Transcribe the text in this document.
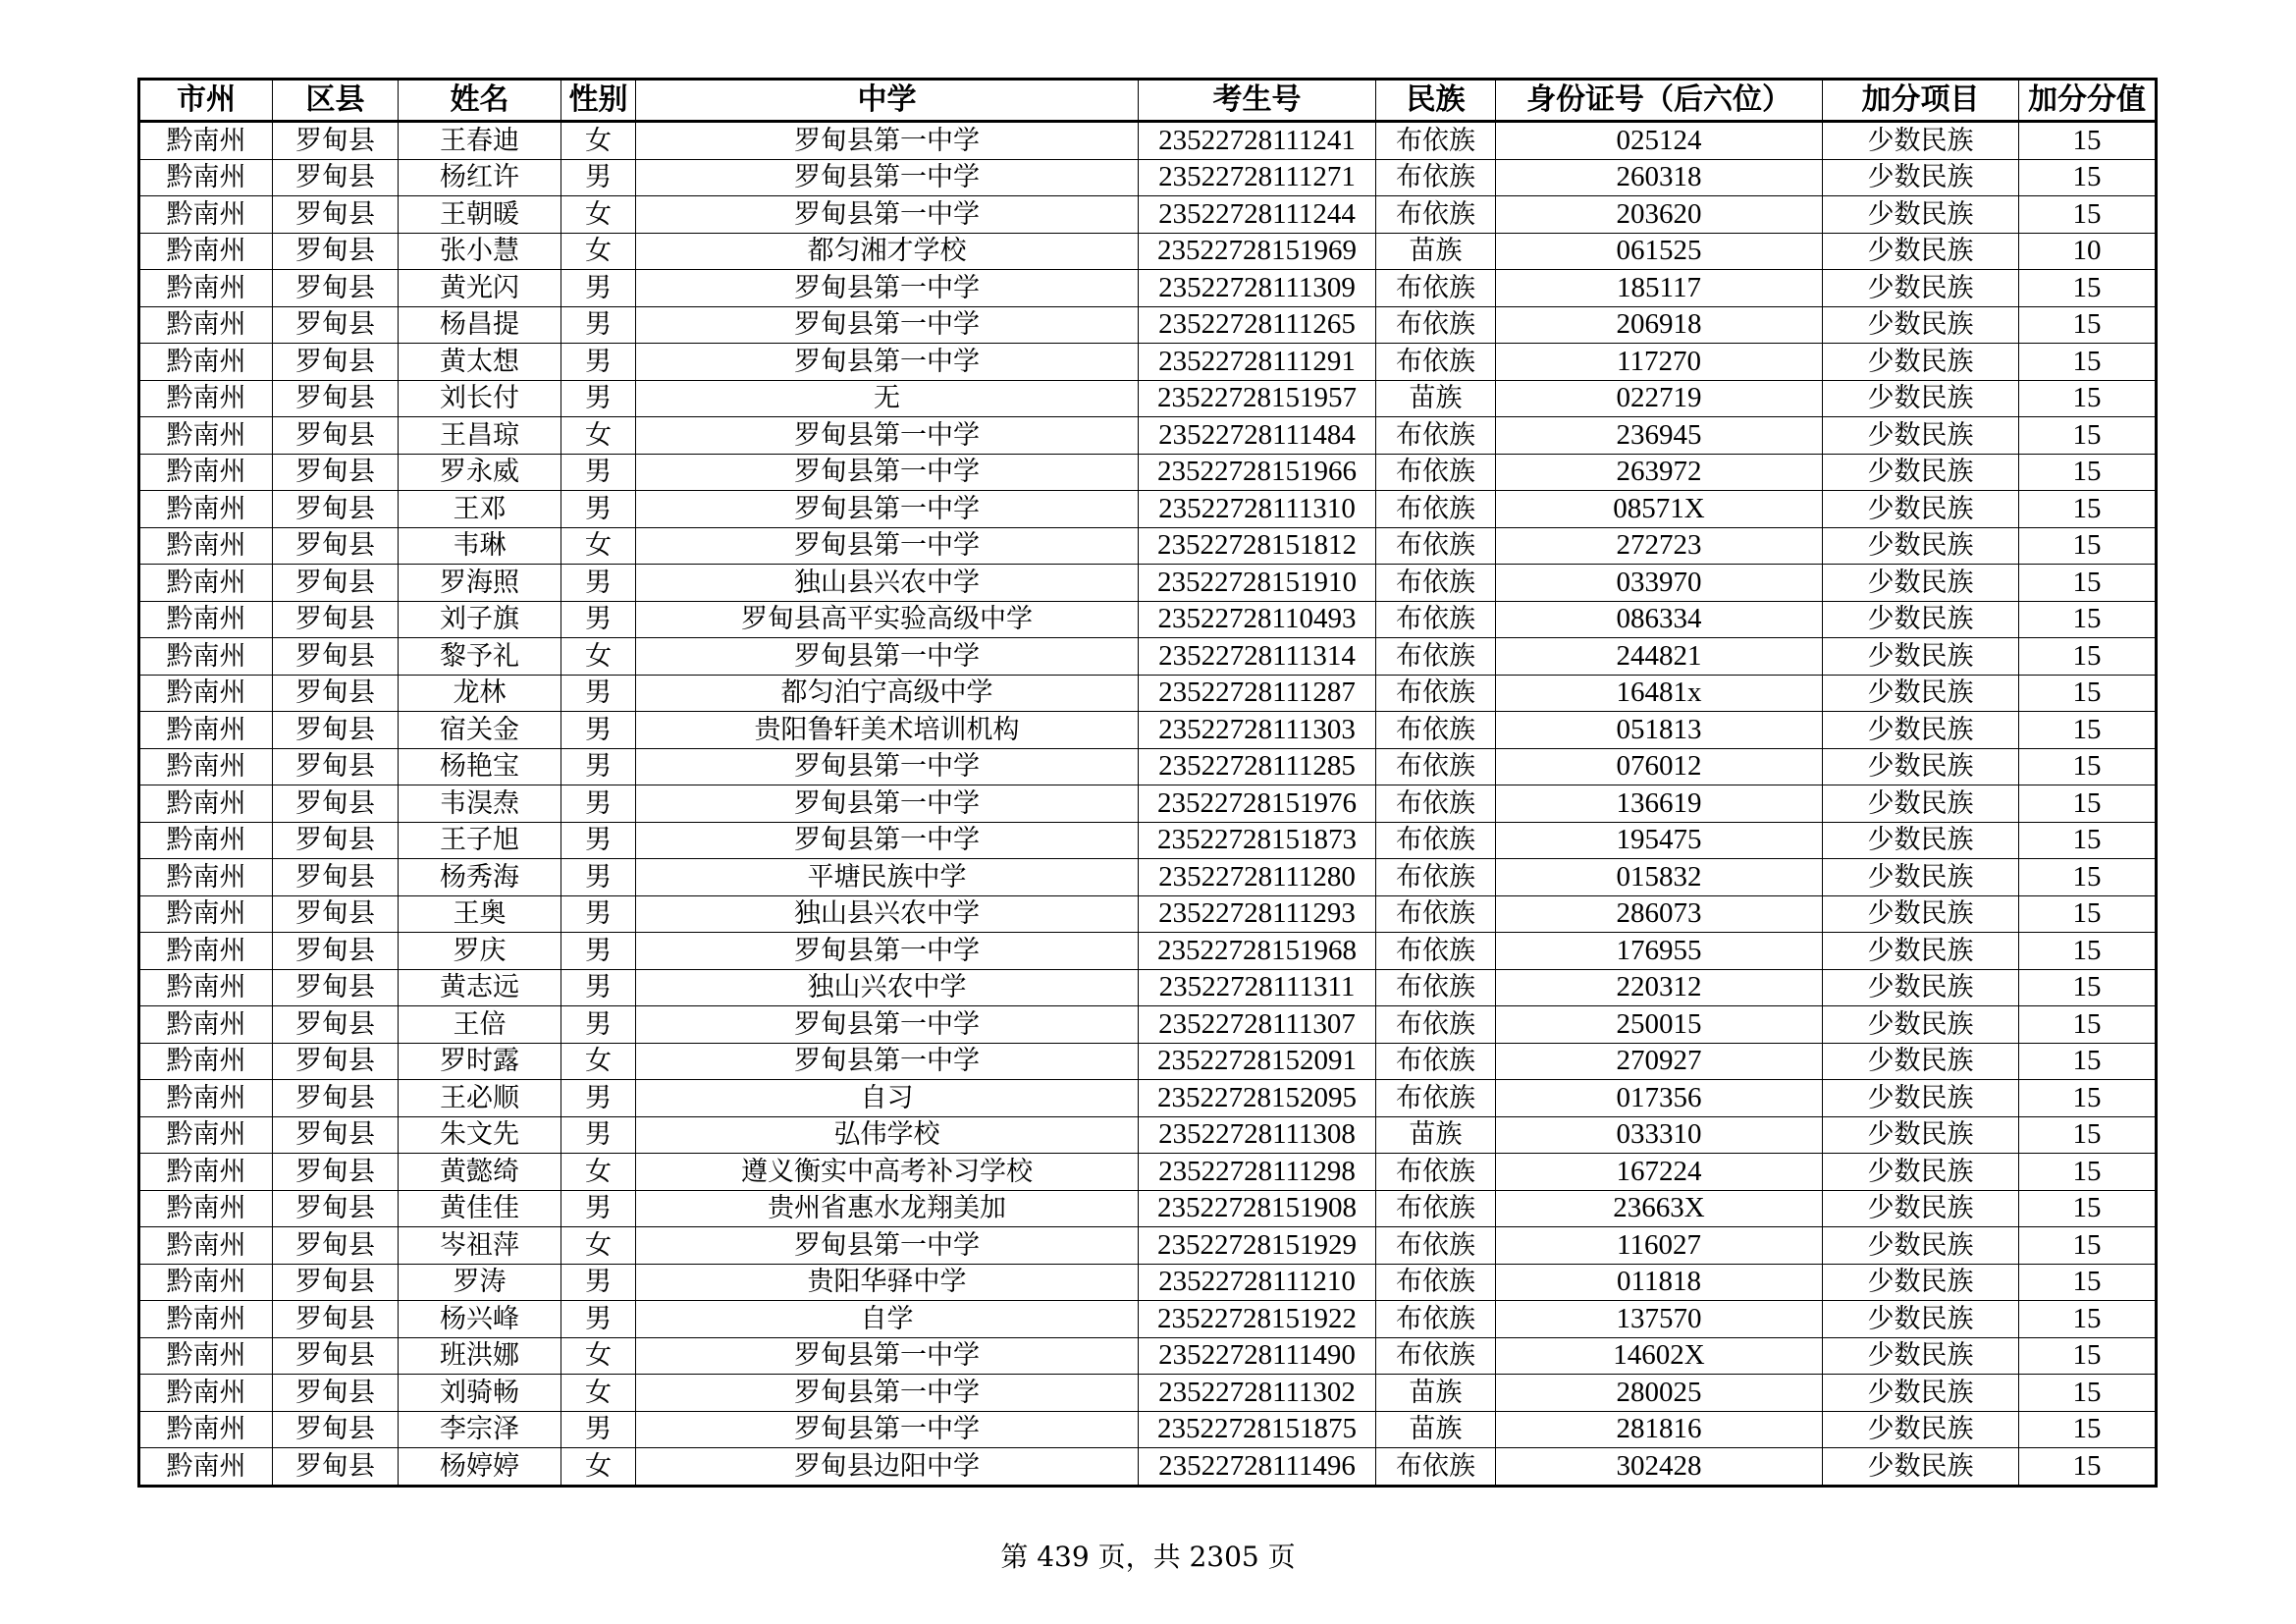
市州	区县	姓名	性别	中学	考生号	民族	身份证号（后六位）	加分项目	加分分值
黔南州	罗甸县	王春迪	女	罗甸县第一中学	23522728111241	布依族	025124	少数民族	15
黔南州	罗甸县	杨红许	男	罗甸县第一中学	23522728111271	布依族	260318	少数民族	15
黔南州	罗甸县	王朝暖	女	罗甸县第一中学	23522728111244	布依族	203620	少数民族	15
黔南州	罗甸县	张小慧	女	都匀湘才学校	23522728151969	苗族	061525	少数民族	10
黔南州	罗甸县	黄光闪	男	罗甸县第一中学	23522728111309	布依族	185117	少数民族	15
黔南州	罗甸县	杨昌提	男	罗甸县第一中学	23522728111265	布依族	206918	少数民族	15
黔南州	罗甸县	黄太想	男	罗甸县第一中学	23522728111291	布依族	117270	少数民族	15
黔南州	罗甸县	刘长付	男	无	23522728151957	苗族	022719	少数民族	15
黔南州	罗甸县	王昌琼	女	罗甸县第一中学	23522728111484	布依族	236945	少数民族	15
黔南州	罗甸县	罗永威	男	罗甸县第一中学	23522728151966	布依族	263972	少数民族	15
黔南州	罗甸县	王邓	男	罗甸县第一中学	23522728111310	布依族	08571X	少数民族	15
黔南州	罗甸县	韦琳	女	罗甸县第一中学	23522728151812	布依族	272723	少数民族	15
黔南州	罗甸县	罗海照	男	独山县兴农中学	23522728151910	布依族	033970	少数民族	15
黔南州	罗甸县	刘子旗	男	罗甸县高平实验高级中学	23522728110493	布依族	086334	少数民族	15
黔南州	罗甸县	黎予礼	女	罗甸县第一中学	23522728111314	布依族	244821	少数民族	15
黔南州	罗甸县	龙林	男	都匀泊宁高级中学	23522728111287	布依族	16481x	少数民族	15
黔南州	罗甸县	宿关金	男	贵阳鲁轩美术培训机构	23522728111303	布依族	051813	少数民族	15
黔南州	罗甸县	杨艳宝	男	罗甸县第一中学	23522728111285	布依族	076012	少数民族	15
黔南州	罗甸县	韦淏焘	男	罗甸县第一中学	23522728151976	布依族	136619	少数民族	15
黔南州	罗甸县	王子旭	男	罗甸县第一中学	23522728151873	布依族	195475	少数民族	15
黔南州	罗甸县	杨秀海	男	平塘民族中学	23522728111280	布依族	015832	少数民族	15
黔南州	罗甸县	王奥	男	独山县兴农中学	23522728111293	布依族	286073	少数民族	15
黔南州	罗甸县	罗庆	男	罗甸县第一中学	23522728151968	布依族	176955	少数民族	15
黔南州	罗甸县	黄志远	男	独山兴农中学	23522728111311	布依族	220312	少数民族	15
黔南州	罗甸县	王倍	男	罗甸县第一中学	23522728111307	布依族	250015	少数民族	15
黔南州	罗甸县	罗时露	女	罗甸县第一中学	23522728152091	布依族	270927	少数民族	15
黔南州	罗甸县	王必顺	男	自习	23522728152095	布依族	017356	少数民族	15
黔南州	罗甸县	朱文先	男	弘伟学校	23522728111308	苗族	033310	少数民族	15
黔南州	罗甸县	黄懿绮	女	遵义衡实中高考补习学校	23522728111298	布依族	167224	少数民族	15
黔南州	罗甸县	黄佳佳	男	贵州省惠水龙翔美加	23522728151908	布依族	23663X	少数民族	15
黔南州	罗甸县	岑祖萍	女	罗甸县第一中学	23522728151929	布依族	116027	少数民族	15
黔南州	罗甸县	罗涛	男	贵阳华驿中学	23522728111210	布依族	011818	少数民族	15
黔南州	罗甸县	杨兴峰	男	自学	23522728151922	布依族	137570	少数民族	15
黔南州	罗甸县	班洪娜	女	罗甸县第一中学	23522728111490	布依族	14602X	少数民族	15
黔南州	罗甸县	刘骑畅	女	罗甸县第一中学	23522728111302	苗族	280025	少数民族	15
黔南州	罗甸县	李宗泽	男	罗甸县第一中学	23522728151875	苗族	281816	少数民族	15
黔南州	罗甸县	杨婷婷	女	罗甸县边阳中学	23522728111496	布依族	302428	少数民族	15
第 439 页，共 2305 页
